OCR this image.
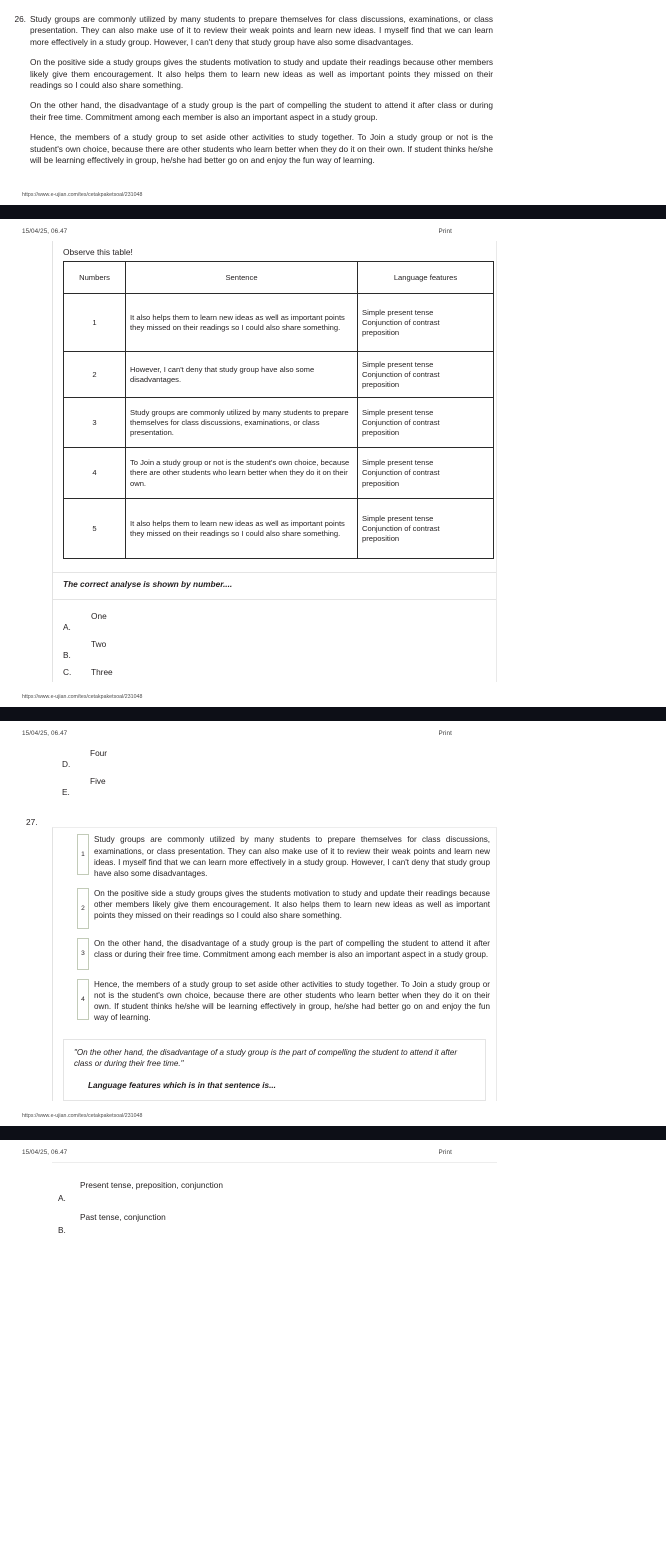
26. Study groups are commonly utilized by many students to prepare themselves for class discussions, examinations, or class presentation. They can also make use of it to review their weak points and learn new ideas. I myself find that we can learn more effectively in a study group. However, I can't deny that study group have also some disadvantages.

On the positive side a study groups gives the students motivation to study and update their readings because other members likely give them encouragement. It also helps them to learn new ideas as well as important points they missed on their readings so I could also share something.

On the other hand, the disadvantage of a study group is the part of compelling the student to attend it after class or during their free time. Commitment among each member is also an important aspect in a study group.

Hence, the members of a study group to set aside other activities to study together. To Join a study group or not is the student's own choice, because there are other students who learn better when they do it on their own. If student thinks he/she will be learning effectively in group, he/she had better go on and enjoy the fun way of learning.

https://www.e-ujian.com/tes/cetakpaketsoal/231048
15/04/25, 06.47	Print
Observe this table!
Numbers	Sentence	Language features
1	It also helps them to learn new ideas as well as important points they missed on their readings so I could also share something.	Simple present tense
Conjunction of contrast
preposition

2	However, I can't deny that study group have also some disadvantages.	Simple present tense
Conjunction of contrast
preposition

3	Study groups are commonly utilized by many students to prepare themselves for class discussions, examinations, or class presentation.	Simple present tense
Conjunction of contrast
preposition

4	To Join a study group or not is the student's own choice, because there are other students who learn better when they do it on their own.	Simple present tense
Conjunction of contrast
preposition

5	It also helps them to learn new ideas as well as important points they missed on their readings so I could also share something.	Simple present tense
Conjunction of contrast
preposition
The correct analyse is shown by number....
A.
One
B.
Two
C. Three
https://www.e-ujian.com/tes/cetakpaketsoal/231048
15/04/25, 06.47	Print
D.
Four
E.
Five
27.
1
Study groups are commonly utilized by many students to prepare themselves for class discussions, examinations, or class presentation. They can also make use of it to review their weak points and learn new ideas. I myself find that we can learn more effectively in a study group. However, I can't deny that study group have also some disadvantages.
2
On the positive side a study groups gives the students motivation to study and update their readings because other members likely give them encouragement. It also helps them to learn new ideas as well as important points they missed on their readings so I could also share something.
3
On the other hand, the disadvantage of a study group is the part of compelling the student to attend it after class or during their free time. Commitment among each member is also an important aspect in a study group.
4
Hence, the members of a study group to set aside other activities to study together. To Join a study group or not is the student's own choice, because there are other students who learn better when they do it on their own. If student thinks he/she will be learning effectively in group, he/she had better go on and enjoy the fun way of learning.

"On the other hand, the disadvantage of a study group is the part of compelling the student to attend it after class or during their free time."

Language features which is in that sentence is...

https://www.e-ujian.com/tes/cetakpaketsoal/231048
15/04/25, 06.47	Print
A.
Present tense, preposition, conjunction
B.
Past tense, conjunction
